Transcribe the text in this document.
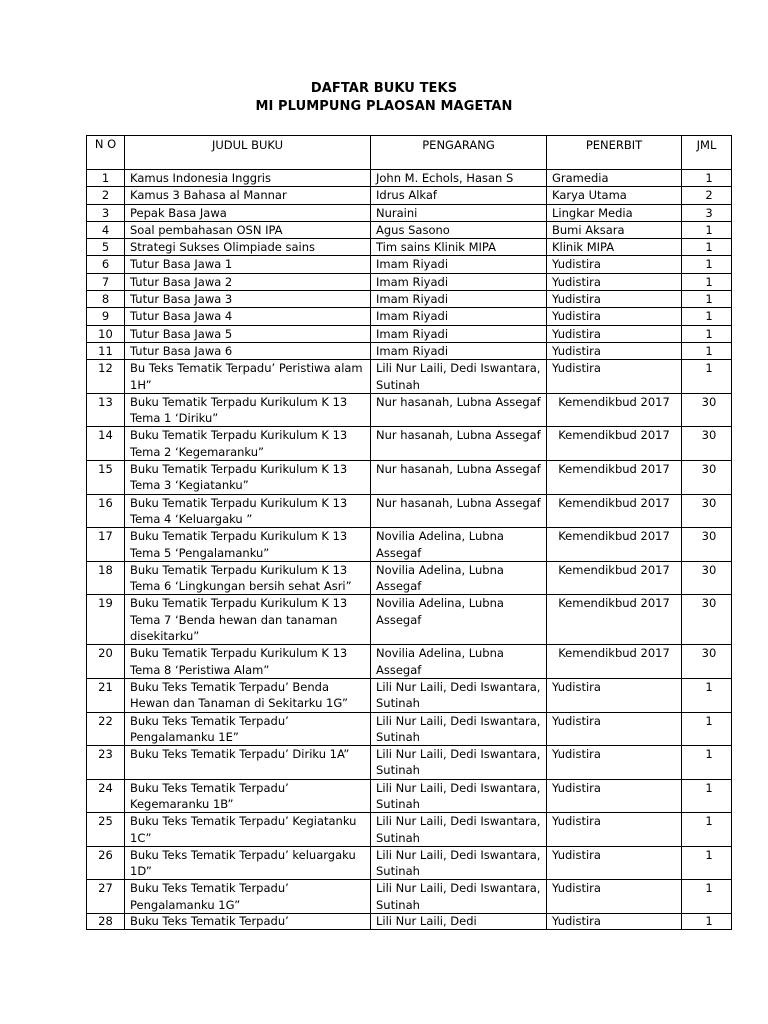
DAFTAR BUKU TEKS
MI PLUMPUNG PLAOSAN MAGETAN
N O	JUDUL BUKU	PENGARANG	PENERBIT	JML
1	Kamus Indonesia Inggris	John M. Echols, Hasan S	Gramedia	1
2	Kamus 3 Bahasa al Mannar	Idrus Alkaf	Karya Utama	2
3	Pepak Basa Jawa	Nuraini	Lingkar Media	3
4	Soal pembahasan OSN IPA	Agus Sasono	Bumi Aksara	1
5	Strategi Sukses Olimpiade sains	Tim sains Klinik MIPA	Klinik MIPA	1
6	Tutur Basa Jawa 1	Imam Riyadi	Yudistira	1
7	Tutur Basa Jawa 2	Imam Riyadi	Yudistira	1
8	Tutur Basa Jawa 3	Imam Riyadi	Yudistira	1
9	Tutur Basa Jawa 4	Imam Riyadi	Yudistira	1
10	Tutur Basa Jawa 5	Imam Riyadi	Yudistira	1
11	Tutur Basa Jawa 6	Imam Riyadi	Yudistira	1
12	Bu Teks Tematik Terpadu’ Peristiwa alam 1H”	Lili Nur Laili, Dedi Iswantara, Sutinah	Yudistira	1
13	Buku Tematik Terpadu Kurikulum K 13 Tema 1 ‘Diriku”	Nur hasanah, Lubna Assegaf	Kemendikbud 2017	30
14	Buku Tematik Terpadu Kurikulum K 13 Tema 2 ‘Kegemaranku”	Nur hasanah, Lubna Assegaf	Kemendikbud 2017	30
15	Buku Tematik Terpadu Kurikulum K 13 Tema 3 ‘Kegiatanku”	Nur hasanah, Lubna Assegaf	Kemendikbud 2017	30
16	Buku Tematik Terpadu Kurikulum K 13 Tema 4 ‘Keluargaku ”	Nur hasanah, Lubna Assegaf	Kemendikbud 2017	30
17	Buku Tematik Terpadu Kurikulum K 13 Tema 5 ‘Pengalamanku”	Novilia Adelina, Lubna Assegaf	Kemendikbud 2017	30
18	Buku Tematik Terpadu Kurikulum K 13 Tema 6 ‘Lingkungan bersih sehat Asri”	Novilia Adelina, Lubna Assegaf	Kemendikbud 2017	30
19	Buku Tematik Terpadu Kurikulum K 13 Tema 7 ‘Benda hewan dan tanaman disekitarku”	Novilia Adelina, Lubna Assegaf	Kemendikbud 2017	30
20	Buku Tematik Terpadu Kurikulum K 13 Tema 8 ‘Peristiwa Alam”	Novilia Adelina, Lubna Assegaf	Kemendikbud 2017	30
21	Buku Teks Tematik Terpadu’ Benda Hewan dan Tanaman di Sekitarku 1G”	Lili Nur Laili, Dedi Iswantara, Sutinah	Yudistira	1
22	Buku Teks Tematik Terpadu’ Pengalamanku 1E”	Lili Nur Laili, Dedi Iswantara, Sutinah	Yudistira	1
23	Buku Teks Tematik Terpadu’ Diriku 1A”	Lili Nur Laili, Dedi Iswantara, Sutinah	Yudistira	1
24	Buku Teks Tematik Terpadu’ Kegemaranku 1B”	Lili Nur Laili, Dedi Iswantara, Sutinah	Yudistira	1
25	Buku Teks Tematik Terpadu’ Kegiatanku 1C”	Lili Nur Laili, Dedi Iswantara, Sutinah	Yudistira	1
26	Buku Teks Tematik Terpadu’ keluargaku 1D”	Lili Nur Laili, Dedi Iswantara, Sutinah	Yudistira	1
27	Buku Teks Tematik Terpadu’ Pengalamanku 1G”	Lili Nur Laili, Dedi Iswantara, Sutinah	Yudistira	1
28	Buku Teks Tematik Terpadu’	Lili Nur Laili, Dedi	Yudistira	1
